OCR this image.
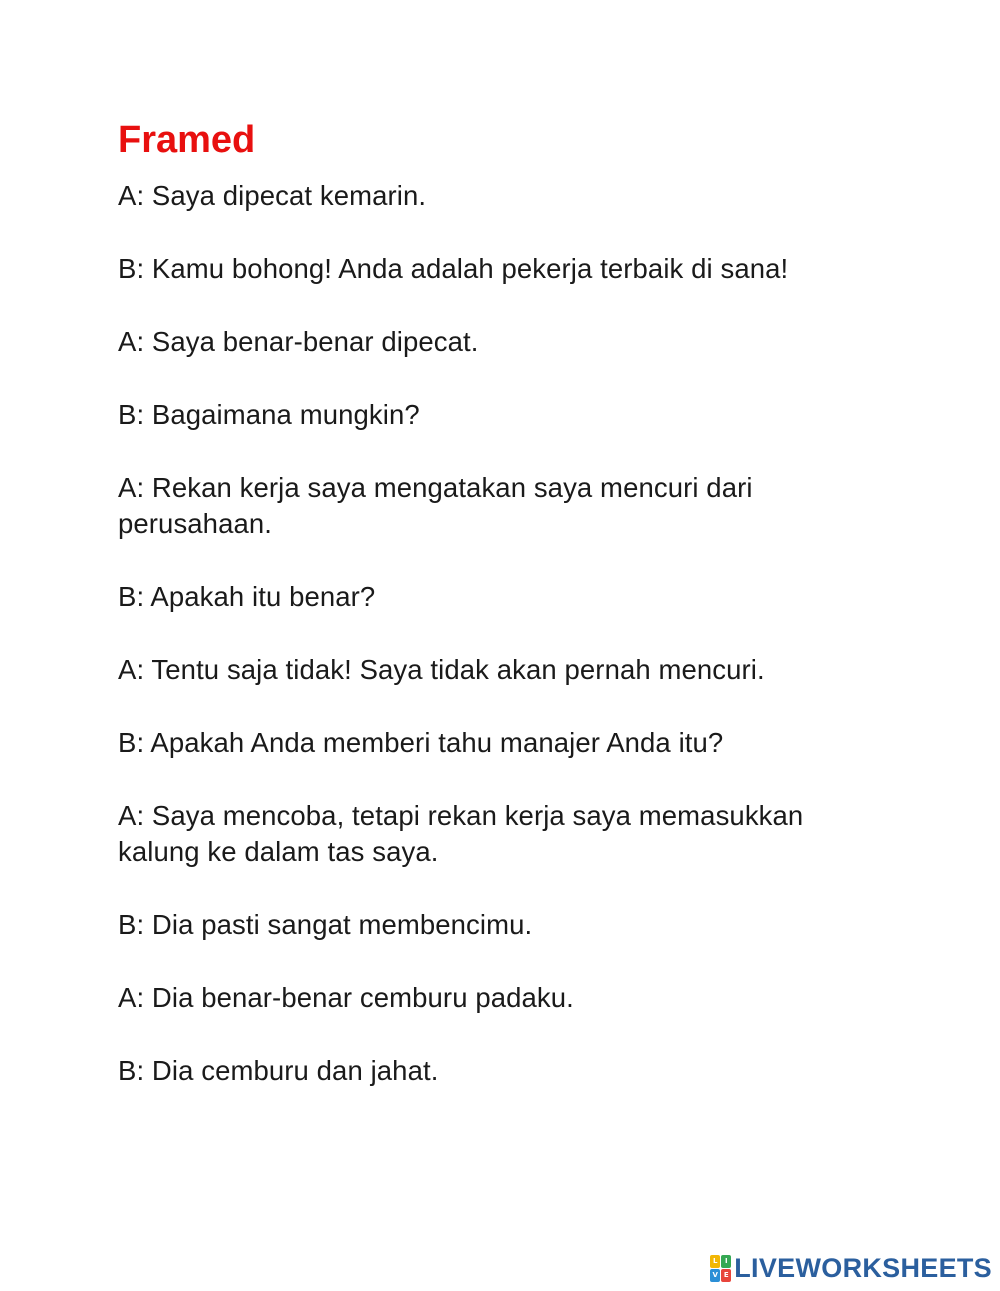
Framed

A: Saya dipecat kemarin.

B: Kamu bohong! Anda adalah pekerja terbaik di sana!

A: Saya benar-benar dipecat.

B: Bagaimana mungkin?

A: Rekan kerja saya mengatakan saya mencuri dari perusahaan.

B: Apakah itu benar?

A: Tentu saja tidak! Saya tidak akan pernah mencuri.

B: Apakah Anda memberi tahu manajer Anda itu?

A: Saya mencoba, tetapi rekan kerja saya memasukkan kalung ke dalam tas saya.

B: Dia pasti sangat membencimu.

A: Dia benar-benar cemburu padaku.

B: Dia cemburu dan jahat.

L	I
V E LIVEWORKSHEETS
